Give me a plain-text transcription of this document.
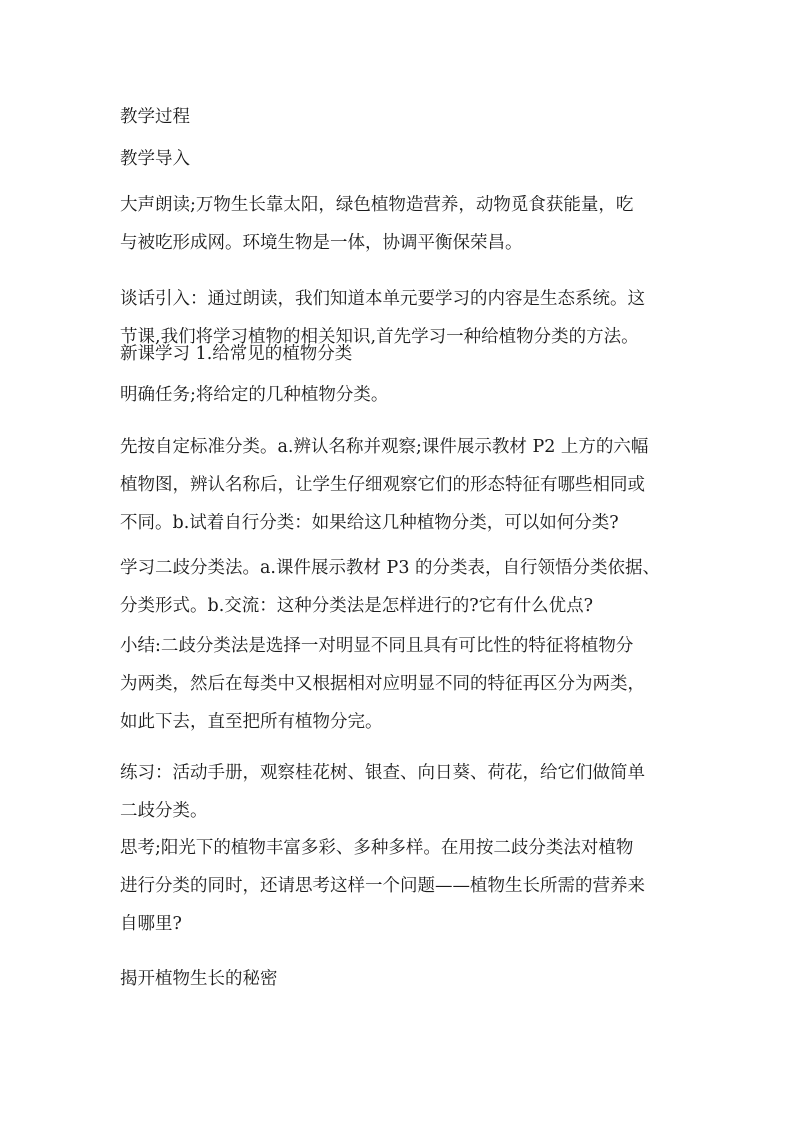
教学过程
教学导入
大声朗读;万物生长靠太阳，绿色植物造营养，动物觅食获能量，吃
与被吃形成网。环境生物是一体，协调平衡保荣昌。
谈话引入：通过朗读，我们知道本单元要学习的内容是生态系统。这
节课,我们将学习植物的相关知识,首先学习一种给植物分类的方法。
新课学习 1.给常见的植物分类
明确任务;将给定的几种植物分类。
先按自定标准分类。a.辨认名称并观察;课件展示教材 P2 上方的六幅
植物图，辨认名称后，让学生仔细观察它们的形态特征有哪些相同或
不同。b.试着自行分类：如果给这几种植物分类，可以如何分类?
学习二歧分类法。a.课件展示教材 P3 的分类表，自行领悟分类依据、
分类形式。b.交流：这种分类法是怎样进行的?它有什么优点?
小结:二歧分类法是选择一对明显不同且具有可比性的特征将植物分
为两类，然后在每类中又根据相对应明显不同的特征再区分为两类，
如此下去，直至把所有植物分完。
练习：活动手册，观察桂花树、银查、向日葵、荷花，给它们做简单
二歧分类。
思考;阳光下的植物丰富多彩、多种多样。在用按二歧分类法对植物
进行分类的同时，还请思考这样一个问题——植物生长所需的营养来
自哪里?
揭开植物生长的秘密
